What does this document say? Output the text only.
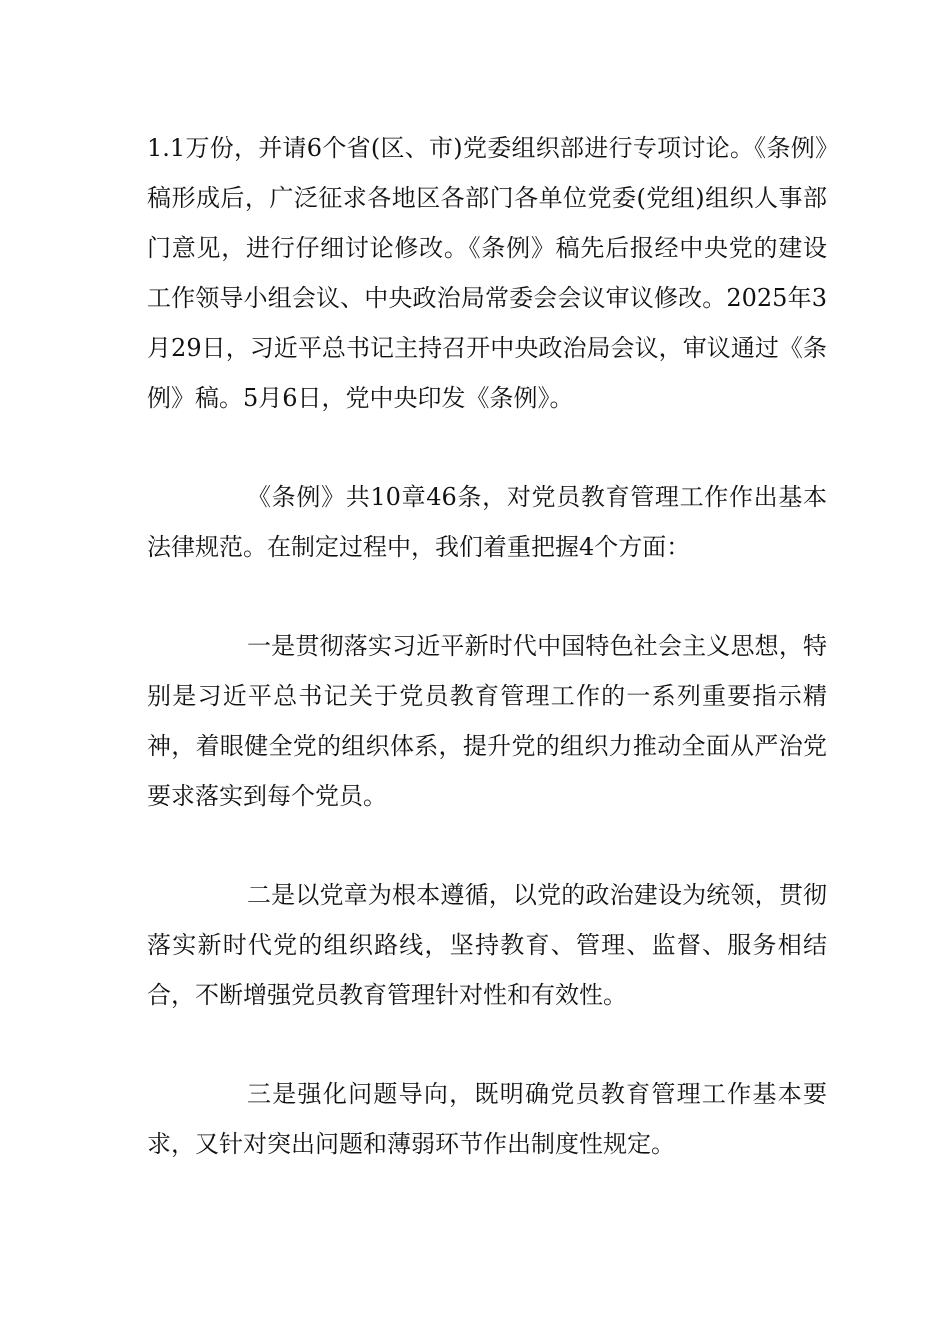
1.1万份，并请6个省(区、市)党委组织部进行专项讨论。《条例》稿形成后，广泛征求各地区各部门各单位党委(党组)组织人事部门意见，进行仔细讨论修改。《条例》稿先后报经中央党的建设工作领导小组会议、中央政治局常委会会议审议修改。2025年3月29日，习近平总书记主持召开中央政治局会议，审议通过《条例》稿。5月6日，党中央印发《条例》。

《条例》共10章46条，对党员教育管理工作作出基本法律规范。在制定过程中，我们着重把握4个方面：

一是贯彻落实习近平新时代中国特色社会主义思想，特别是习近平总书记关于党员教育管理工作的一系列重要指示精神，着眼健全党的组织体系，提升党的组织力推动全面从严治党要求落实到每个党员。

二是以党章为根本遵循，以党的政治建设为统领，贯彻落实新时代党的组织路线，坚持教育、管理、监督、服务相结合，不断增强党员教育管理针对性和有效性。

三是强化问题导向，既明确党员教育管理工作基本要求，又针对突出问题和薄弱环节作出制度性规定。
